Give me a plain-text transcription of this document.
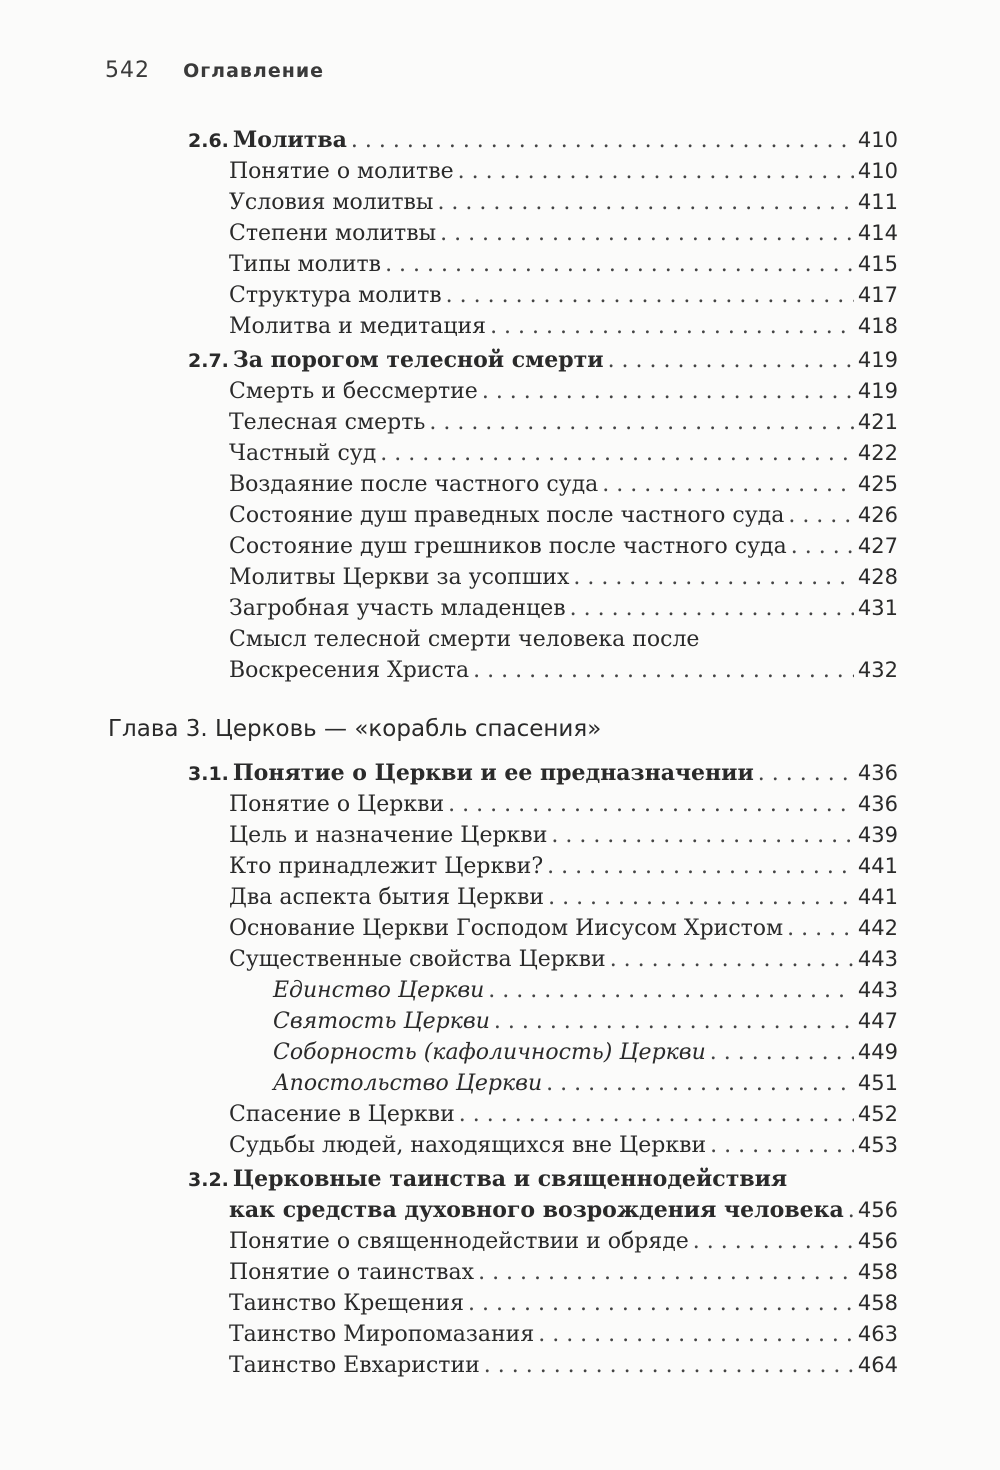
542 Оглавление
2.6. Молитва . . .	410
Понятие о молитве . . .	410
Условия молитвы . . .	411
Степени молитвы . . .	414
Типы молитв . . .	415
Структура молитв . . .	417
Молитва и медитация . . .	418
2.7. За порогом телесной смерти . . .	419
Смерть и бессмертие . . .	419
Телесная смерть . . .	421
Частный суд . . .	422
Воздаяние после частного суда . . .	425
Состояние душ праведных после частного суда . . .	426
Состояние душ грешников после частного суда . . .	427
Молитвы Церкви за усопших . . .	428
Загробная участь младенцев . . .	431
Смысл телесной смерти человека после
Воскресения Христа . . .	432
Глава 3. Церковь — «корабль спасения»
3.1. Понятие о Церкви и ее предназначении . . .	436
Понятие о Церкви . . .	436
Цель и назначение Церкви . . .	439
Кто принадлежит Церкви? . . .	441
Два аспекта бытия Церкви . . .	441
Основание Церкви Господом Иисусом Христом . . .	442
Существенные свойства Церкви . . .	443
Единство Церкви . . .	443
Святость Церкви . . .	447
Соборность (кафоличность) Церкви . . .	449
Апостольство Церкви . . .	451
Спасение в Церкви . . .	452
Судьбы людей, находящихся вне Церкви . . .	453
3.2. Церковные таинства и священнодействия
как средства духовного возрождения человека . . . 456
Понятие о священнодействии и обряде . . .	456
Понятие о таинствах . . .	458
Таинство Крещения . . .	458
Таинство Миропомазания . . .	463
Таинство Евхаристии . . .	464
